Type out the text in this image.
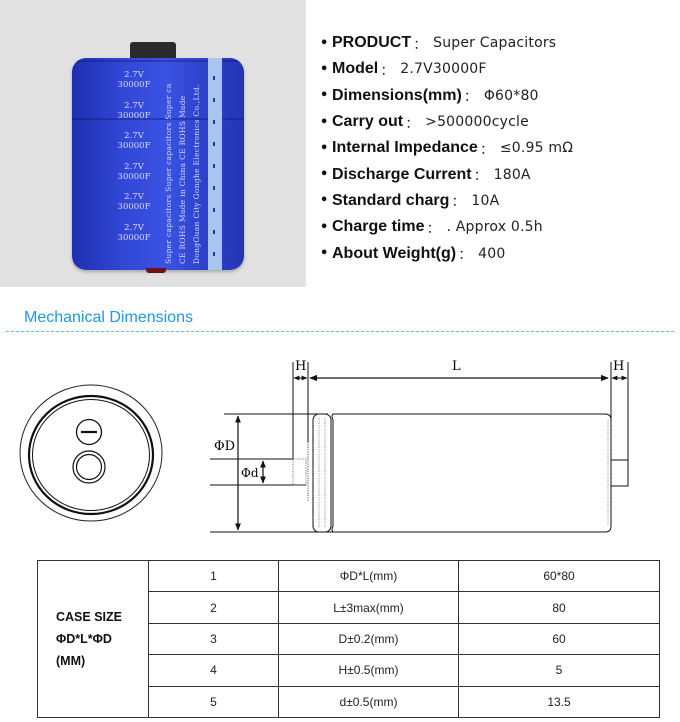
2.7V
30000F
2.7V
30000F
2.7V
30000F
2.7V
30000F
2.7V
30000F
2.7V
30000F	Super capacitors Super capacitors Super ca CE ROHS Made in China CE ROHS Made DongGuan City Gonghe Electronics Co.,Ltd.
• PRODUCT ： Super Capacitors
• Model ： 2.7V30000F
• Dimensions(mm) ： Φ60*80
• Carry out ： >500000cycle
• Internal Impedance ： ≤0.95 mΩ
• Discharge Current ： 180A
• Standard charg ： 10A
• Charge time ： . Approx 0.5h
• About Weight(g) ： 400
Mechanical Dimensions
H	L	H
ΦD
Φd
CASE SIZE
ΦD*L*ΦD
(MM)	1	ΦD*L(mm)	60*80
	2	L±3max(mm)	80
	3	D±0.2(mm)	60
	4	H±0.5(mm)	5
	5	d±0.5(mm)	13.5
